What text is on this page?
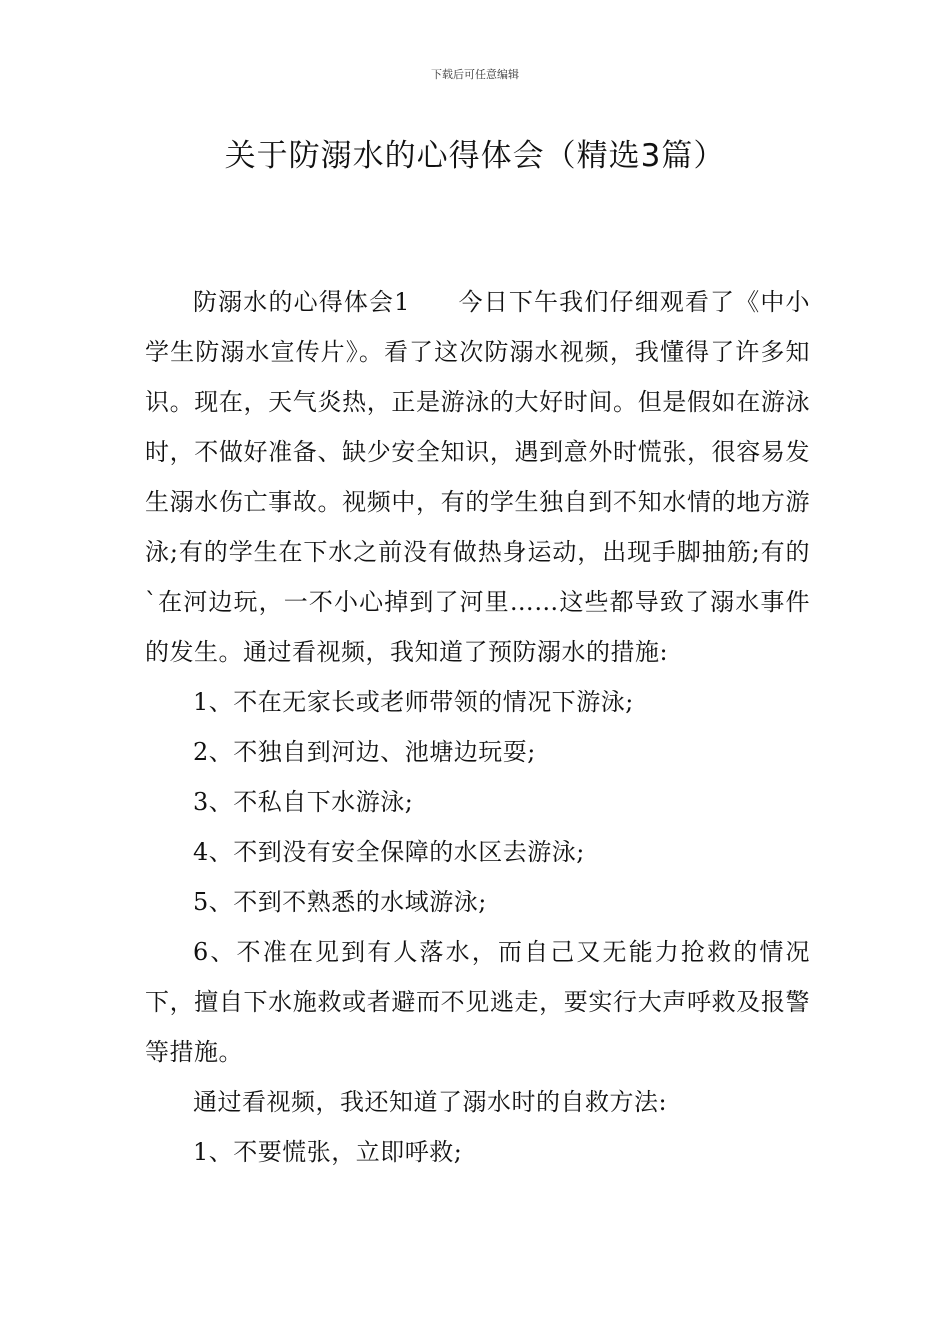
下载后可任意编辑
关于防溺水的心得体会（精选3篇）

防溺水的心得体会1 今日下午我们仔细观看了《中小学生防溺水宣传片》。看了这次防溺水视频，我懂得了许多知识。现在，天气炎热，正是游泳的大好时间。但是假如在游泳时，不做好准备、缺少安全知识，遇到意外时慌张，很容易发生溺水伤亡事故。视频中，有的学生独自到不知水情的地方游泳;有的学生在下水之前没有做热身运动，出现手脚抽筋;有的`在河边玩，一不小心掉到了河里……这些都导致了溺水事件的发生。通过看视频，我知道了预防溺水的措施:

1、不在无家长或老师带领的情况下游泳;

2、不独自到河边、池塘边玩耍;

3、不私自下水游泳;

4、不到没有安全保障的水区去游泳;

5、不到不熟悉的水域游泳;

6、不准在见到有人落水，而自己又无能力抢救的情况下，擅自下水施救或者避而不见逃走，要实行大声呼救及报警等措施。

通过看视频，我还知道了溺水时的自救方法:

1、不要慌张，立即呼救;
